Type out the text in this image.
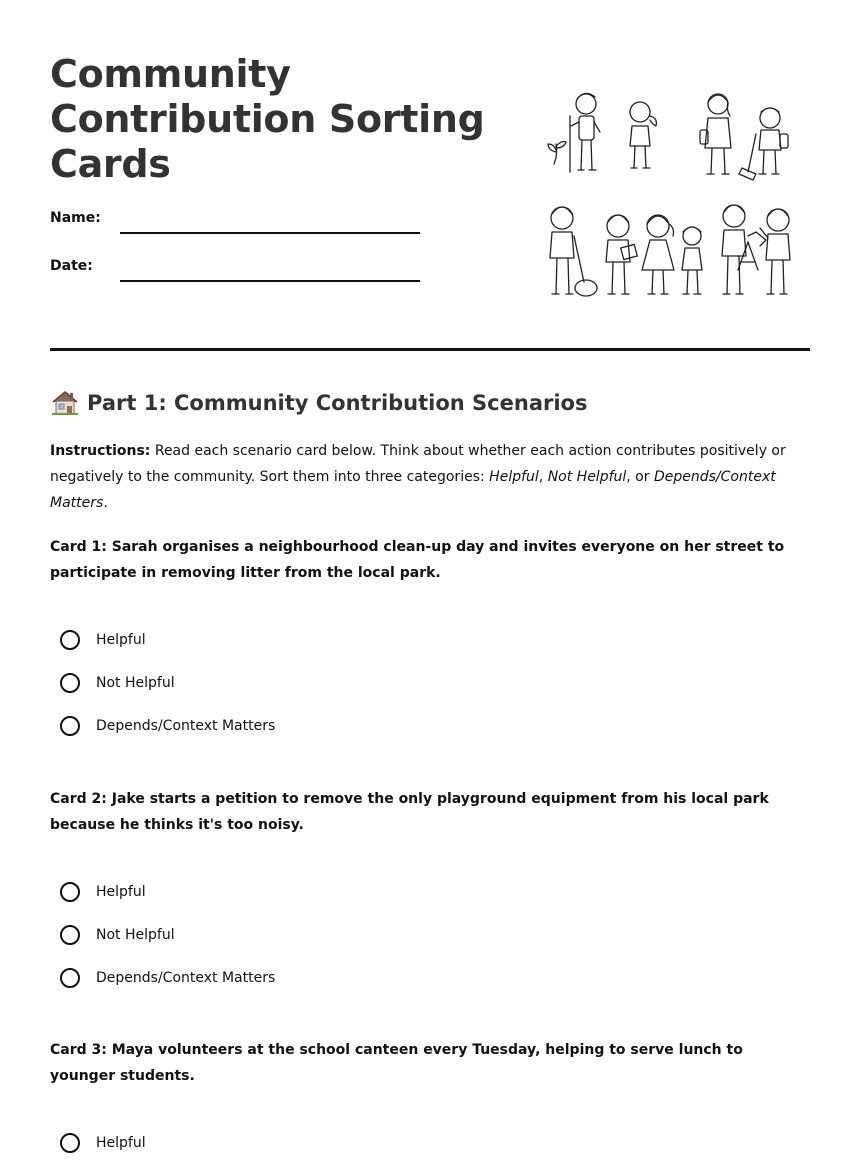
Community Contribution Sorting Cards
Name:
Date:
Part 1: Community Contribution Scenarios

Instructions: Read each scenario card below. Think about whether each action contributes positively or negatively to the community. Sort them into three categories: Helpful, Not Helpful, or Depends/Context Matters.

Card 1: Sarah organises a neighbourhood clean-up day and invites everyone on her street to participate in removing litter from the local park.

Helpful
Not Helpful
Depends/Context Matters

Card 2: Jake starts a petition to remove the only playground equipment from his local park because he thinks it's too noisy.

Helpful
Not Helpful
Depends/Context Matters

Card 3: Maya volunteers at the school canteen every Tuesday, helping to serve lunch to younger students.

Helpful
